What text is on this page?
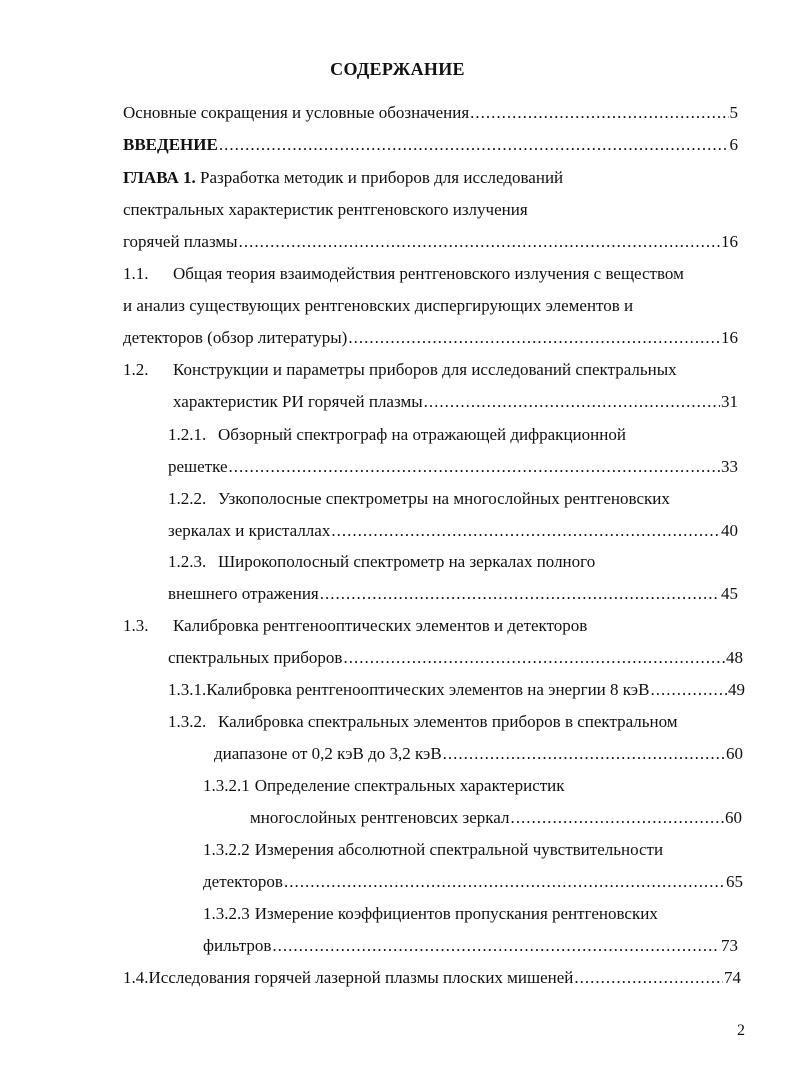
СОДЕРЖАНИЕ
Основные сокращения и условные обозначения .....	5
ВВЕДЕНИЕ .....	6
ГЛАВА 1. Разработка методик и приборов для исследований
спектральных характеристик рентгеновского излучения
горячей плазмы .....	16
1.1. Общая теория взаимодействия рентгеновского излучения с веществом
и анализ существующих рентгеновских диспергирующих элементов и
детекторов (обзор литературы) .....	16
1.2. Конструкции и параметры приборов для исследований спектральных
характеристик РИ горячей плазмы .....	31
1.2.1. Обзорный спектрограф на отражающей дифракционной
решетке .....	33
1.2.2. Узкополосные спектрометры на многослойных рентгеновских
зеркалах и кристаллах .....	40
1.2.3. Широкополосный спектрометр на зеркалах полного
внешнего отражения .....	45
1.3. Калибровка рентгенооптических элементов и детекторов
спектральных приборов .....	48
1.3.1. Калибровка рентгенооптических элементов на энергии 8 кэВ .....	49
1.3.2. Калибровка спектральных элементов приборов в спектральном
диапазоне от 0,2 кэВ до 3,2 кэВ .....	60
1.3.2.1 Определение спектральных характеристик
многослойных рентгеновсих зеркал .....	60
1.3.2.2 Измерения абсолютной спектральной чувствительности
детекторов .....	65
1.3.2.3 Измерение коэффициентов пропускания рентгеновских
фильтров .....	73
1.4. Исследования горячей лазерной плазмы плоских мишеней .....	74
2
